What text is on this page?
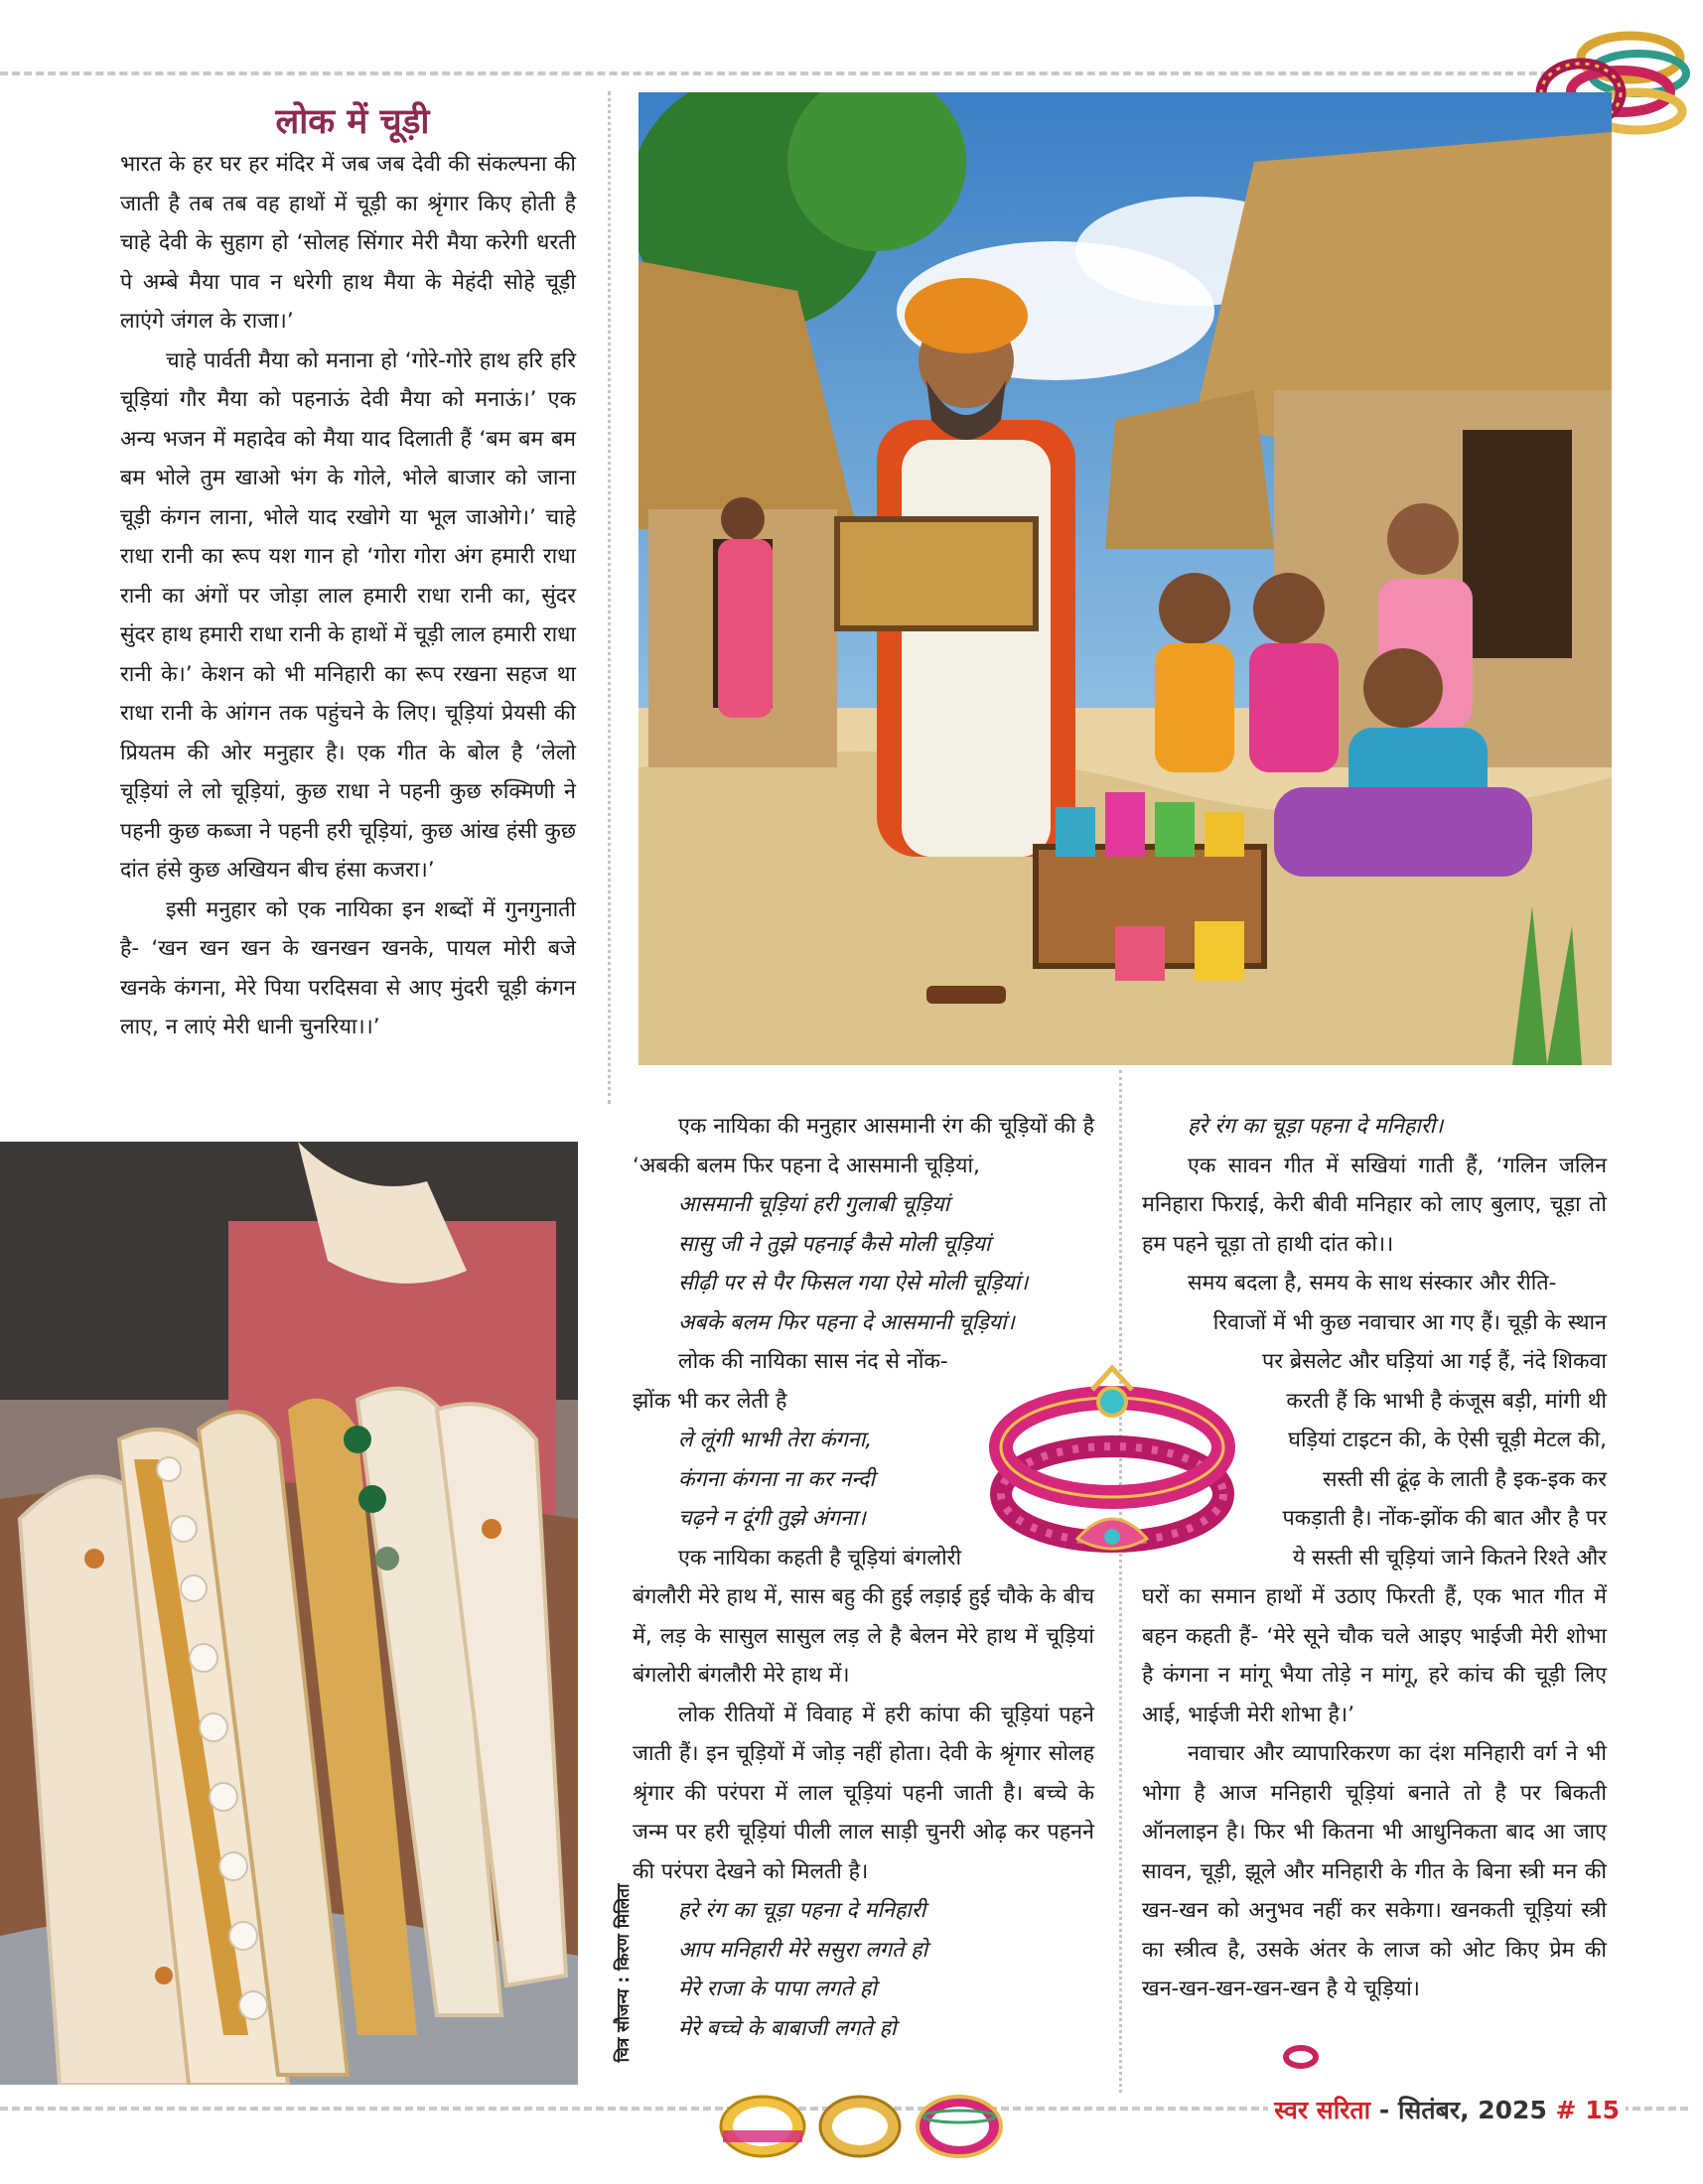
लोक में चूड़ी

भारत के हर घर हर मंदिर में जब जब देवी की संकल्पना की जाती है तब तब वह हाथों में चूड़ी का श्रृंगार किए होती है चाहे देवी के सुहाग हो ‘सोलह सिंगार मेरी मैया करेगी धरती पे अम्बे मैया पाव न धरेगी हाथ मैया के मेहंदी सोहे चूड़ी लाएंगे जंगल के राजा।’

चाहे पार्वती मैया को मनाना हो ‘गोरे-गोरे हाथ हरि हरि चूड़ियां गौर मैया को पहनाऊं देवी मैया को मनाऊं।’ एक अन्य भजन में महादेव को मैया याद दिलाती हैं ‘बम बम बम बम भोले तुम खाओ भंग के गोले, भोले बाजार को जाना चूड़ी कंगन लाना, भोले याद रखोगे या भूल जाओगे।’ चाहे राधा रानी का रूप यश गान हो ‘गोरा गोरा अंग हमारी राधा रानी का अंगों पर जोड़ा लाल हमारी राधा रानी का, सुंदर सुंदर हाथ हमारी राधा रानी के हाथों में चूड़ी लाल हमारी राधा रानी के।’ केशन को भी मनिहारी का रूप रखना सहज था राधा रानी के आंगन तक पहुंचने के लिए। चूड़ियां प्रेयसी की प्रियतम की ओर मनुहार है। एक गीत के बोल है ‘लेलो चूड़ियां ले लो चूड़ियां, कुछ राधा ने पहनी कुछ रुक्मिणी ने पहनी कुछ कब्जा ने पहनी हरी चूड़ियां, कुछ आंख हंसी कुछ दांत हंसे कुछ अखियन बीच हंसा कजरा।’

इसी मनुहार को एक नायिका इन शब्दों में गुनगुनाती है- ‘खन खन खन के खनखन खनके, पायल मोरी बजे खनके कंगना, मेरे पिया परदिसवा से आए मुंदरी चूड़ी कंगन लाए, न लाएं मेरी धानी चुनरिया।।’

चित्र सौजन्य : किरण मिलिता

एक नायिका की मनुहार आसमानी रंग की चूड़ियों की है ‘अबकी बलम फिर पहना दे आसमानी चूड़ियां,

आसमानी चूड़ियां हरी गुलाबी चूड़ियां

सासु जी ने तुझे पहनाई कैसे मोली चूड़ियां

सीढ़ी पर से पैर फिसल गया ऐसे मोली चूड़ियां।

अबके बलम फिर पहना दे आसमानी चूड़ियां।

लोक की नायिका सास नंद से नोंक-

झोंक भी कर लेती है

ले लूंगी भाभी तेरा कंगना,

कंगना कंगना ना कर नन्दी

चढ़ने न दूंगी तुझे अंगना।

एक नायिका कहती है चूड़ियां बंगलोरी

बंगलौरी मेरे हाथ में, सास बहु की हुई लड़ाई हुई चौके के बीच में, लड़ के सासुल सासुल लड़ ले है बेलन मेरे हाथ में चूड़ियां बंगलोरी बंगलौरी मेरे हाथ में।

लोक रीतियों में विवाह में हरी कांपा की चूड़ियां पहने जाती हैं। इन चूड़ियों में जोड़ नहीं होता। देवी के श्रृंगार सोलह श्रृंगार की परंपरा में लाल चूड़ियां पहनी जाती है। बच्चे के जन्म पर हरी चूड़ियां पीली लाल साड़ी चुनरी ओढ़ कर पहनने की परंपरा देखने को मिलती है।

हरे रंग का चूड़ा पहना दे मनिहारी

आप मनिहारी मेरे ससुरा लगते हो

मेरे राजा के पापा लगते हो

मेरे बच्चे के बाबाजी लगते हो

हरे रंग का चूड़ा पहना दे मनिहारी।

एक सावन गीत में सखियां गाती हैं, ‘गलिन जलिन मनिहारा फिराई, केरी बीवी मनिहार को लाए बुलाए, चूड़ा तो हम पहने चूड़ा तो हाथी दांत को।।

समय बदला है, समय के साथ संस्कार और रीति-

रिवाजों में भी कुछ नवाचार आ गए हैं। चूड़ी के स्थान

पर ब्रेसलेट और घड़ियां आ गई हैं, नंदे शिकवा

करती हैं कि भाभी है कंजूस बड़ी, मांगी थी

घड़ियां टाइटन की, के ऐसी चूड़ी मेटल की,

सस्ती सी ढूंढ़ के लाती है इक-इक कर

पकड़ाती है। नोंक-झोंक की बात और है पर

ये सस्ती सी चूड़ियां जाने कितने रिश्ते और

घरों का समान हाथों में उठाए फिरती हैं, एक भात गीत में बहन कहती हैं- ‘मेरे सूने चौक चले आइए भाईजी मेरी शोभा है कंगना न मांगू भैया तोड़े न मांगू, हरे कांच की चूड़ी लिए आई, भाईजी मेरी शोभा है।’

नवाचार और व्यापारिकरण का दंश मनिहारी वर्ग ने भी भोगा है आज मनिहारी चूड़ियां बनाते तो है पर बिकती ऑनलाइन है। फिर भी कितना भी आधुनिकता बाद आ जाए सावन, चूड़ी, झूले और मनिहारी के गीत के बिना स्त्री मन की खन-खन को अनुभव नहीं कर सकेगा। खनकती चूड़ियां स्त्री का स्त्रीत्व है, उसके अंतर के लाज को ओट किए प्रेम की खन-खन-खन-खन-खन है ये चूड़ियां।

स्वर सरिता - सितंबर, 2025 # 15
